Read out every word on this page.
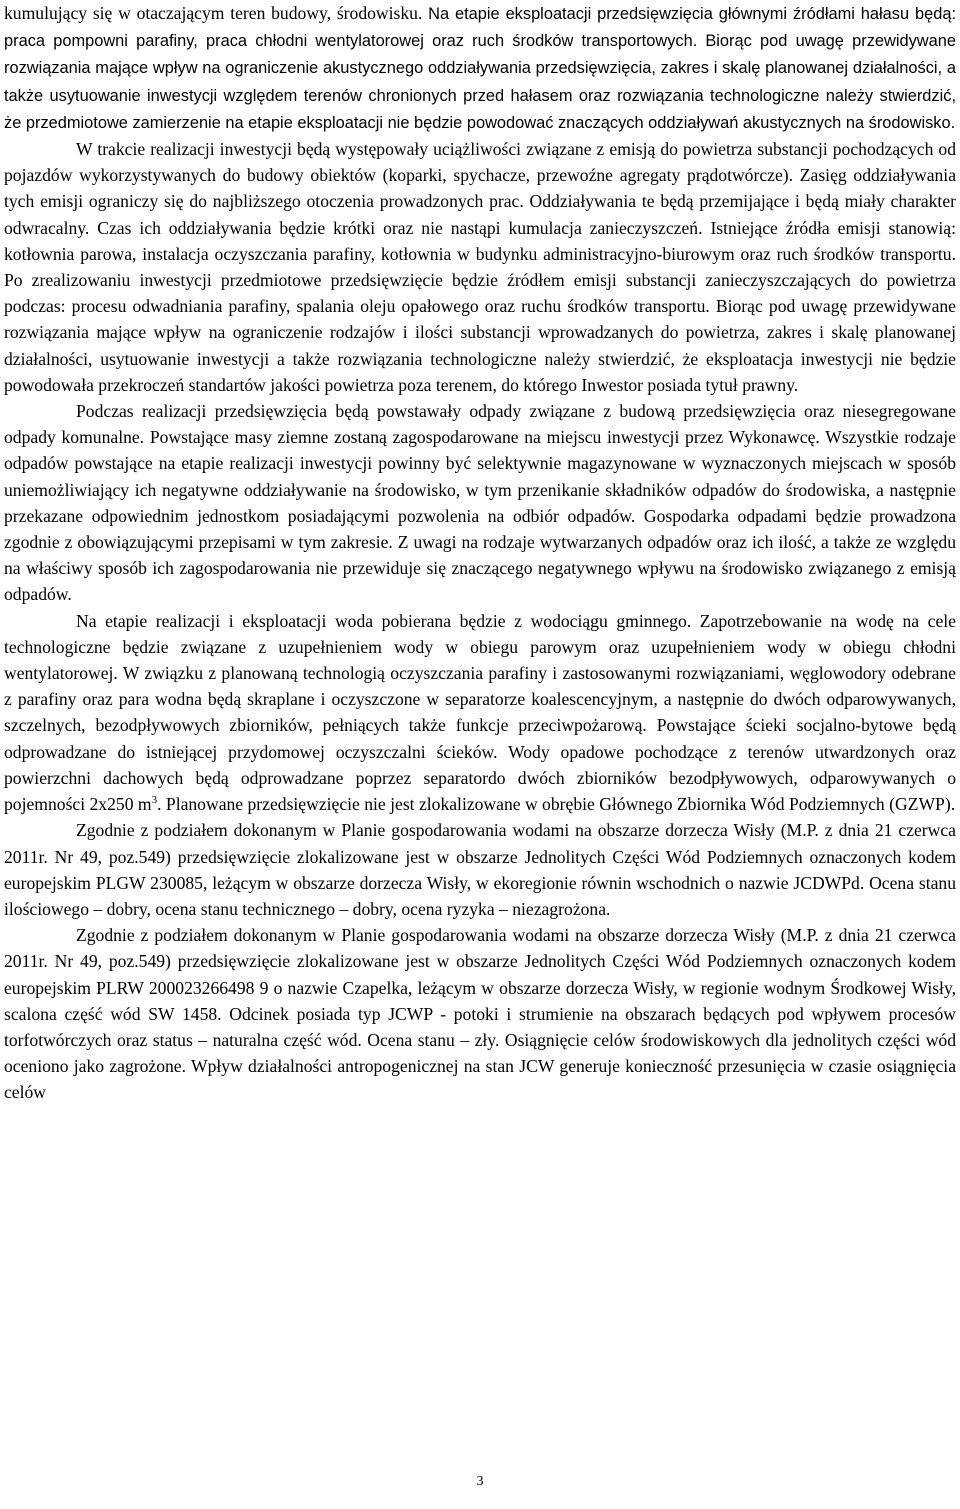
kumulujący się w otaczającym teren budowy, środowisku. Na etapie eksploatacji przedsięwzięcia głównymi źródłami hałasu będą: praca pompowni parafiny, praca chłodni wentylatorowej oraz ruch środków transportowych. Biorąc pod uwagę przewidywane rozwiązania mające wpływ na ograniczenie akustycznego oddziaływania przedsięwzięcia, zakres i skalę planowanej działalności, a także usytuowanie inwestycji względem terenów chronionych przed hałasem oraz rozwiązania technologiczne należy stwierdzić, że przedmiotowe zamierzenie na etapie eksploatacji nie będzie powodować znaczących oddziaływań akustycznych na środowisko.

W trakcie realizacji inwestycji będą występowały uciążliwości związane z emisją do powietrza substancji pochodzących od pojazdów wykorzystywanych do budowy obiektów (koparki, spychacze, przewoźne agregaty prądotwórcze). Zasięg oddziaływania tych emisji ograniczy się do najbliższego otoczenia prowadzonych prac. Oddziaływania te będą przemijające i będą miały charakter odwracalny. Czas ich oddziaływania będzie krótki oraz nie nastąpi kumulacja zanieczyszczeń. Istniejące źródła emisji stanowią: kotłownia parowa, instalacja oczyszczania parafiny, kotłownia w budynku administracyjno-biurowym oraz ruch środków transportu. Po zrealizowaniu inwestycji przedmiotowe przedsięwzięcie będzie źródłem emisji substancji zanieczyszczających do powietrza podczas: procesu odwadniania parafiny, spalania oleju opałowego oraz ruchu środków transportu. Biorąc pod uwagę przewidywane rozwiązania mające wpływ na ograniczenie rodzajów i ilości substancji wprowadzanych do powietrza, zakres i skalę planowanej działalności, usytuowanie inwestycji a także rozwiązania technologiczne należy stwierdzić, że eksploatacja inwestycji nie będzie powodowała przekroczeń standartów jakości powietrza poza terenem, do którego Inwestor posiada tytuł prawny.

Podczas realizacji przedsięwzięcia będą powstawały odpady związane z budową przedsięwzięcia oraz niesegregowane odpady komunalne. Powstające masy ziemne zostaną zagospodarowane na miejscu inwestycji przez Wykonawcę. Wszystkie rodzaje odpadów powstające na etapie realizacji inwestycji powinny być selektywnie magazynowane w wyznaczonych miejscach w sposób uniemożliwiający ich negatywne oddziaływanie na środowisko, w tym przenikanie składników odpadów do środowiska, a następnie przekazane odpowiednim jednostkom posiadającymi pozwolenia na odbiór odpadów. Gospodarka odpadami będzie prowadzona zgodnie z obowiązującymi przepisami w tym zakresie. Z uwagi na rodzaje wytwarzanych odpadów oraz ich ilość, a także ze względu na właściwy sposób ich zagospodarowania nie przewiduje się znaczącego negatywnego wpływu na środowisko związanego z emisją odpadów.

Na etapie realizacji i eksploatacji woda pobierana będzie z wodociągu gminnego. Zapotrzebowanie na wodę na cele technologiczne będzie związane z uzupełnieniem wody w obiegu parowym oraz uzupełnieniem wody w obiegu chłodni wentylatorowej. W związku z planowaną technologią oczyszczania parafiny i zastosowanymi rozwiązaniami, węglowodory odebrane z parafiny oraz para wodna będą skraplane i oczyszczone w separatorze koalescencyjnym, a następnie do dwóch odparowywanych, szczelnych, bezodpływowych zbiorników, pełniących także funkcje przeciwpożarową. Powstające ścieki socjalno-bytowe będą odprowadzane do istniejącej przydomowej oczyszczalni ścieków. Wody opadowe pochodzące z terenów utwardzonych oraz powierzchni dachowych będą odprowadzane poprzez separatordo dwóch zbiorników bezodpływowych, odparowywanych o pojemności 2x250 $m^3$. Planowane przedsięwzięcie nie jest zlokalizowane w obrębie Głównego Zbiornika Wód Podziemnych (GZWP).

Zgodnie z podziałem dokonanym w Planie gospodarowania wodami na obszarze dorzecza Wisły (M.P. z dnia 21 czerwca 2011r. Nr 49, poz.549) przedsięwzięcie zlokalizowane jest w obszarze Jednolitych Części Wód Podziemnych oznaczonych kodem europejskim PLGW 230085, leżącym w obszarze dorzecza Wisły, w ekoregionie równin wschodnich o nazwie JCDWPd. Ocena stanu ilościowego – dobry, ocena stanu technicznego – dobry, ocena ryzyka – niezagrożona.

Zgodnie z podziałem dokonanym w Planie gospodarowania wodami na obszarze dorzecza Wisły (M.P. z dnia 21 czerwca 2011r. Nr 49, poz.549) przedsięwzięcie zlokalizowane jest w obszarze Jednolitych Części Wód Podziemnych oznaczonych kodem europejskim PLRW 200023266498 9 o nazwie Czapelka, leżącym w obszarze dorzecza Wisły, w regionie wodnym Środkowej Wisły, scalona część wód SW 1458. Odcinek posiada typ JCWP - potoki i strumienie na obszarach będących pod wpływem procesów torfotwórczych oraz status – naturalna część wód. Ocena stanu – zły. Osiągnięcie celów środowiskowych dla jednolitych części wód oceniono jako zagrożone. Wpływ działalności antropogenicznej na stan JCW generuje konieczność przesunięcia w czasie osiągnięcia celów

3
